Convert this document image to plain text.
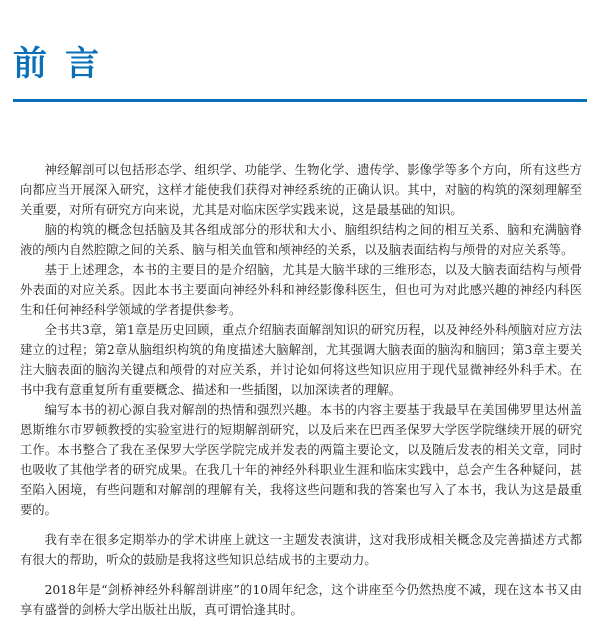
前言

神经解剖可以包括形态学、组织学、功能学、生物化学、遗传学、影像学等多个方向，所有这些方向都应当开展深入研究，这样才能使我们获得对神经系统的正确认识。其中，对脑的构筑的深刻理解至关重要，对所有研究方向来说，尤其是对临床医学实践来说，这是最基础的知识。

脑的构筑的概念包括脑及其各组成部分的形状和大小、脑组织结构之间的相互关系、脑和充满脑脊液的颅内自然腔隙之间的关系、脑与相关血管和颅神经的关系，以及脑表面结构与颅骨的对应关系等。

基于上述理念，本书的主要目的是介绍脑，尤其是大脑半球的三维形态，以及大脑表面结构与颅骨外表面的对应关系。因此本书主要面向神经外科和神经影像科医生，但也可为对此感兴趣的神经内科医生和任何神经科学领域的学者提供参考。

全书共3章，第1章是历史回顾，重点介绍脑表面解剖知识的研究历程，以及神经外科颅脑对应方法建立的过程；第2章从脑组织构筑的角度描述大脑解剖，尤其强调大脑表面的脑沟和脑回；第3章主要关注大脑表面的脑沟关键点和颅骨的对应关系，并讨论如何将这些知识应用于现代显微神经外科手术。在书中我有意重复所有重要概念、描述和一些插图，以加深读者的理解。

编写本书的初心源自我对解剖的热情和强烈兴趣。本书的内容主要基于我最早在美国佛罗里达州盖恩斯维尔市罗顿教授的实验室进行的短期解剖研究，以及后来在巴西圣保罗大学医学院继续开展的研究工作。本书整合了我在圣保罗大学医学院完成并发表的两篇主要论文，以及随后发表的相关文章，同时也吸收了其他学者的研究成果。在我几十年的神经外科职业生涯和临床实践中，总会产生各种疑问，甚至陷入困境，有些问题和对解剖的理解有关，我将这些问题和我的答案也写入了本书，我认为这是最重要的。

我有幸在很多定期举办的学术讲座上就这一主题发表演讲，这对我形成相关概念及完善描述方式都有很大的帮助，听众的鼓励是我将这些知识总结成书的主要动力。

2018年是“剑桥神经外科解剖讲座”的10周年纪念，这个讲座至今仍然热度不减，现在这本书又由享有盛誉的剑桥大学出版社出版，真可谓恰逢其时。
